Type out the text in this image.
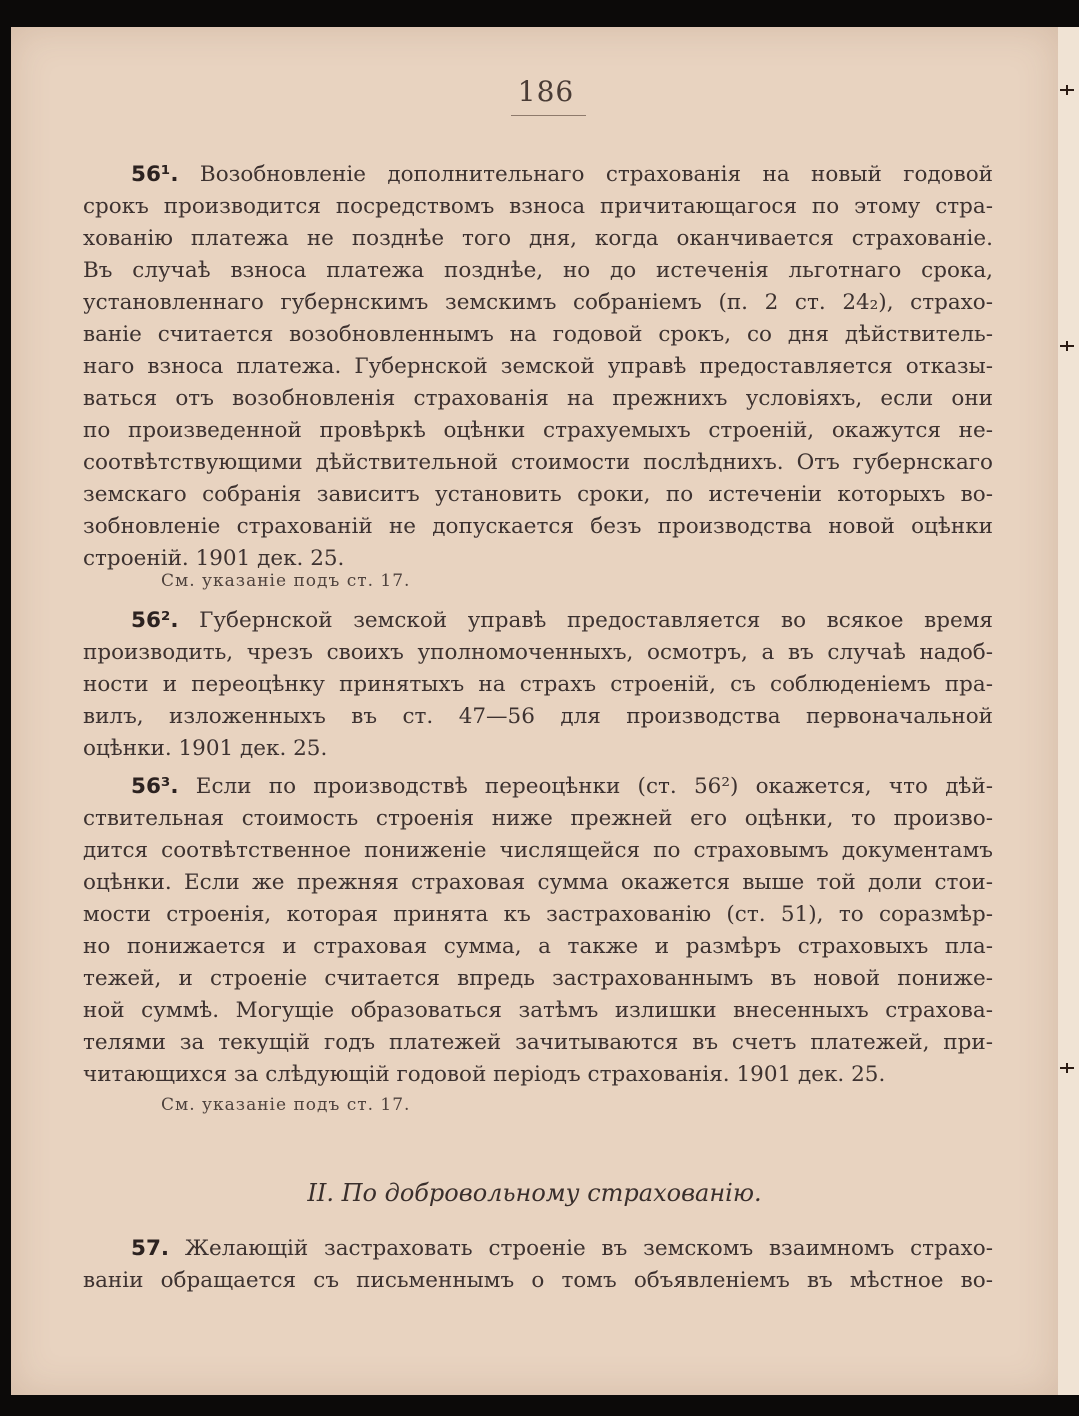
186
56¹. Возобновленіе дополнительнаго страхованія на новый годовой
срокъ производится посредствомъ взноса причитающагося по этому стра-
хованію платежа не позднѣе того дня, когда оканчивается страхованіе.
Въ случаѣ взноса платежа позднѣе, но до истеченія льготнаго срока,
установленнаго губернскимъ земскимъ собраніемъ (п. 2 ст. 24₂), страхо-
ваніе считается возобновленнымъ на годовой срокъ, со дня дѣйствитель-
наго взноса платежа. Губернской земской управѣ предоставляется отказы-
ваться отъ возобновленія страхованія на прежнихъ условіяхъ, если они
по произведенной провѣркѣ оцѣнки страхуемыхъ строеній, окажутся не-
соотвѣтствующими дѣйствительной стоимости послѣднихъ. Отъ губернскаго
земскаго собранія зависитъ установить сроки, по истеченіи которыхъ во-
зобновленіе страхованій не допускается безъ производства новой оцѣнки
строеній. 1901 дек. 25.
См. указаніе подъ ст. 17.
56². Губернской земской управѣ предоставляется во всякое время
производить, чрезъ своихъ уполномоченныхъ, осмотръ, а въ случаѣ надоб-
ности и переоцѣнку принятыхъ на страхъ строеній, съ соблюденіемъ пра-
вилъ, изложенныхъ въ ст. 47—56 для производства первоначальной
оцѣнки. 1901 дек. 25.
56³. Если по производствѣ переоцѣнки (ст. 56²) окажется, что дѣй-
ствительная стоимость строенія ниже прежней его оцѣнки, то произво-
дится соотвѣтственное пониженіе числящейся по страховымъ документамъ
оцѣнки. Если же прежняя страховая сумма окажется выше той доли стои-
мости строенія, которая принята къ застрахованію (ст. 51), то соразмѣр-
но понижается и страховая сумма, а также и размѣръ страховыхъ пла-
тежей, и строеніе считается впредь застрахованнымъ въ новой пониже-
ной суммѣ. Могущіе образоваться затѣмъ излишки внесенныхъ страхова-
телями за текущій годъ платежей зачитываются въ счетъ платежей, при-
читающихся за слѣдующій годовой періодъ страхованія. 1901 дек. 25.
См. указаніе подъ ст. 17.
II. По добровольному страхованію.
57. Желающій застраховать строеніе въ земскомъ взаимномъ страхо-
ваніи обращается съ письменнымъ о томъ объявленіемъ въ мѣстное во-
